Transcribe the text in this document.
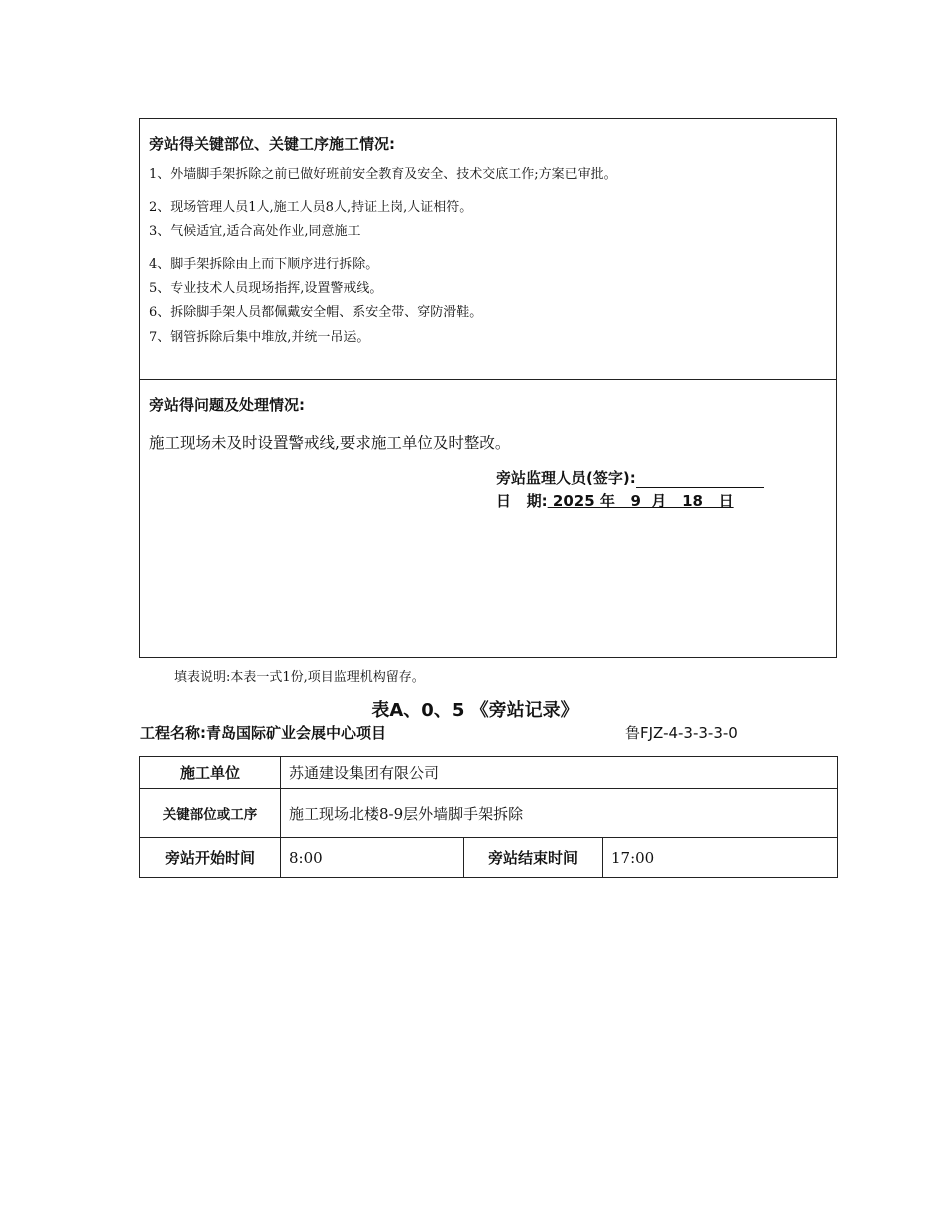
旁站得关键部位、关键工序施工情况:
1、外墙脚手架拆除之前已做好班前安全教育及安全、技术交底工作;方案已审批。
2、现场管理人员1人,施工人员8人,持证上岗,人证相符。
3、气候适宜,适合高处作业,同意施工
4、脚手架拆除由上而下顺序进行拆除。
5、专业技术人员现场指挥,设置警戒线。
6、拆除脚手架人员都佩戴安全帽、系安全带、穿防滑鞋。
7、钢管拆除后集中堆放,并统一吊运。
旁站得问题及处理情况:
施工现场未及时设置警戒线,要求施工单位及时整改。
旁站监理人员(签字):
日   期: 2025 年   9  月   18   日
填表说明:本表一式1份,项目监理机构留存。
表A、0、5 《旁站记录》
工程名称:青岛国际矿业会展中心项目	鲁FJZ-4-3-3-3-0
施工单位	苏通建设集团有限公司		
关键部位或工序	施工现场北楼8-9层外墙脚手架拆除		
旁站开始时间	8:00	旁站结束时间	17:00
